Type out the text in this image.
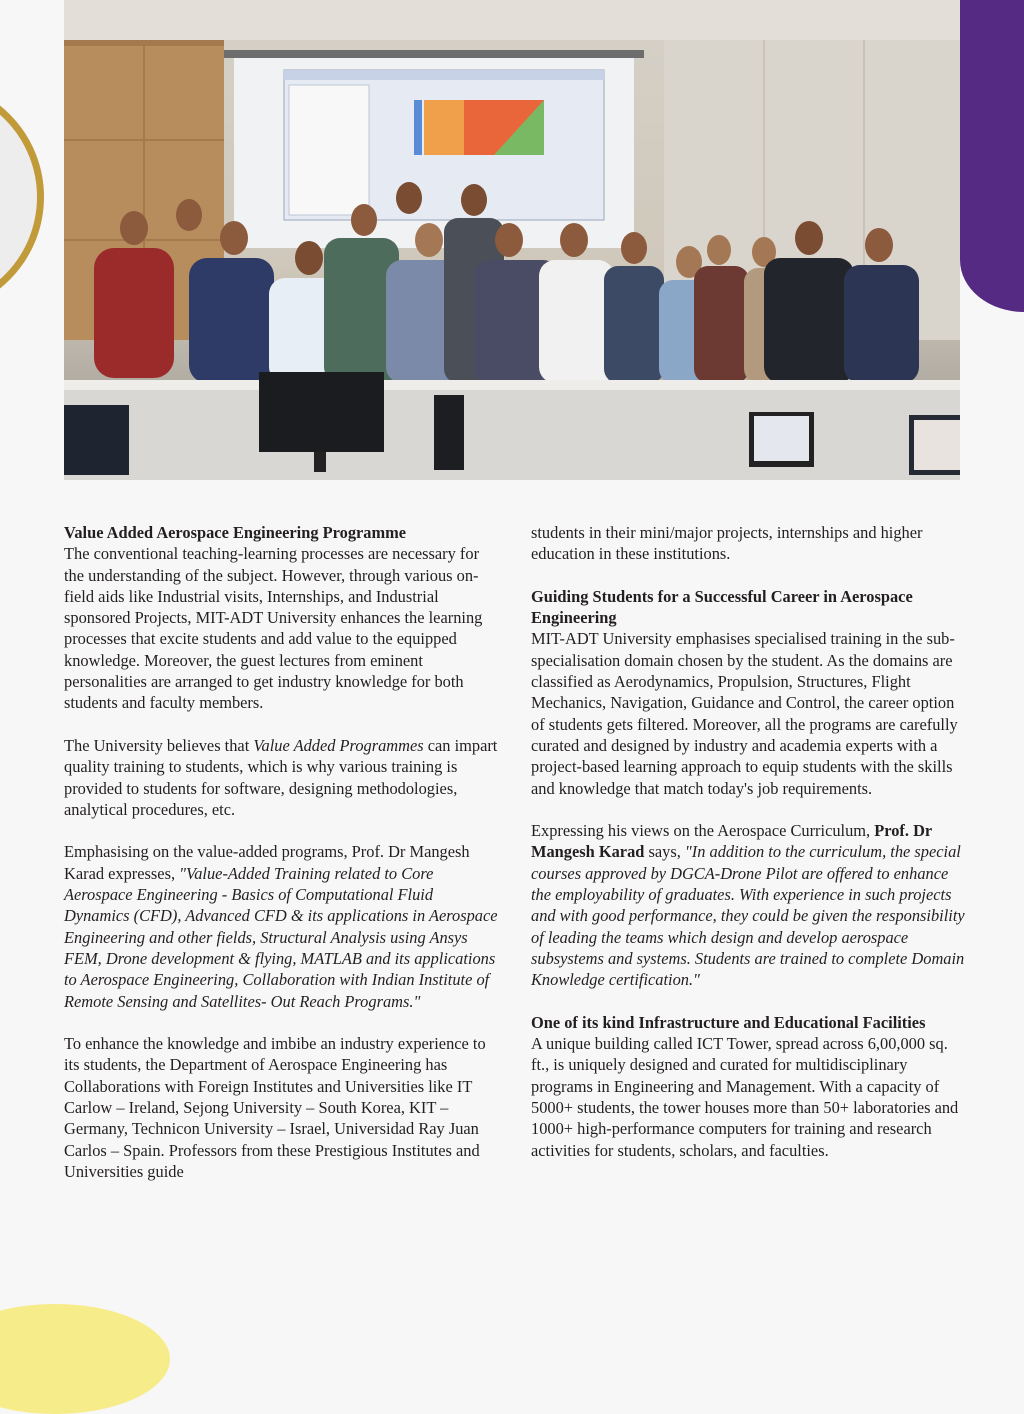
Value Added Aerospace Engineering Programme
The conventional teaching-learning processes are necessary for the understanding of the subject. However, through various on-field aids like Industrial visits, Internships, and Industrial sponsored Projects, MIT-ADT University enhances the learning processes that excite students and add value to the equipped knowledge. Moreover, the guest lectures from eminent personalities are arranged to get industry knowledge for both students and faculty members.

The University believes that Value Added Programmes can impart quality training to students, which is why various training is provided to students for software, designing methodologies, analytical procedures, etc.

Emphasising on the value-added programs, Prof. Dr Mangesh Karad expresses, "Value-Added Training related to Core Aerospace Engineering - Basics of Computational Fluid Dynamics (CFD), Advanced CFD & its applications in Aerospace Engineering and other fields, Structural Analysis using Ansys FEM, Drone development & flying, MATLAB and its applications to Aerospace Engineering, Collaboration with Indian Institute of Remote Sensing and Satellites- Out Reach Programs."

To enhance the knowledge and imbibe an industry experience to its students, the Department of Aerospace Engineering has Collaborations with Foreign Institutes and Universities like IT Carlow – Ireland, Sejong University – South Korea, KIT – Germany, Technicon University – Israel, Universidad Ray Juan Carlos – Spain. Professors from these Prestigious Institutes and Universities guide

students in their mini/major projects, internships and higher education in these institutions.

Guiding Students for a Successful Career in Aerospace Engineering
MIT-ADT University emphasises specialised training in the sub-specialisation domain chosen by the student. As the domains are classified as Aerodynamics, Propulsion, Structures, Flight Mechanics, Navigation, Guidance and Control, the career option of students gets filtered. Moreover, all the programs are carefully curated and designed by industry and academia experts with a project-based learning approach to equip students with the skills and knowledge that match today's job requirements.

Expressing his views on the Aerospace Curriculum, Prof. Dr Mangesh Karad says, "In addition to the curriculum, the special courses approved by DGCA-Drone Pilot are offered to enhance the employability of graduates. With experience in such projects and with good performance, they could be given the responsibility of leading the teams which design and develop aerospace subsystems and systems. Students are trained to complete Domain Knowledge certification."

One of its kind Infrastructure and Educational Facilities
A unique building called ICT Tower, spread across 6,00,000 sq. ft., is uniquely designed and curated for multidisciplinary programs in Engineering and Management. With a capacity of 5000+ students, the tower houses more than 50+ laboratories and 1000+ high-performance computers for training and research activities for students, scholars, and faculties.
